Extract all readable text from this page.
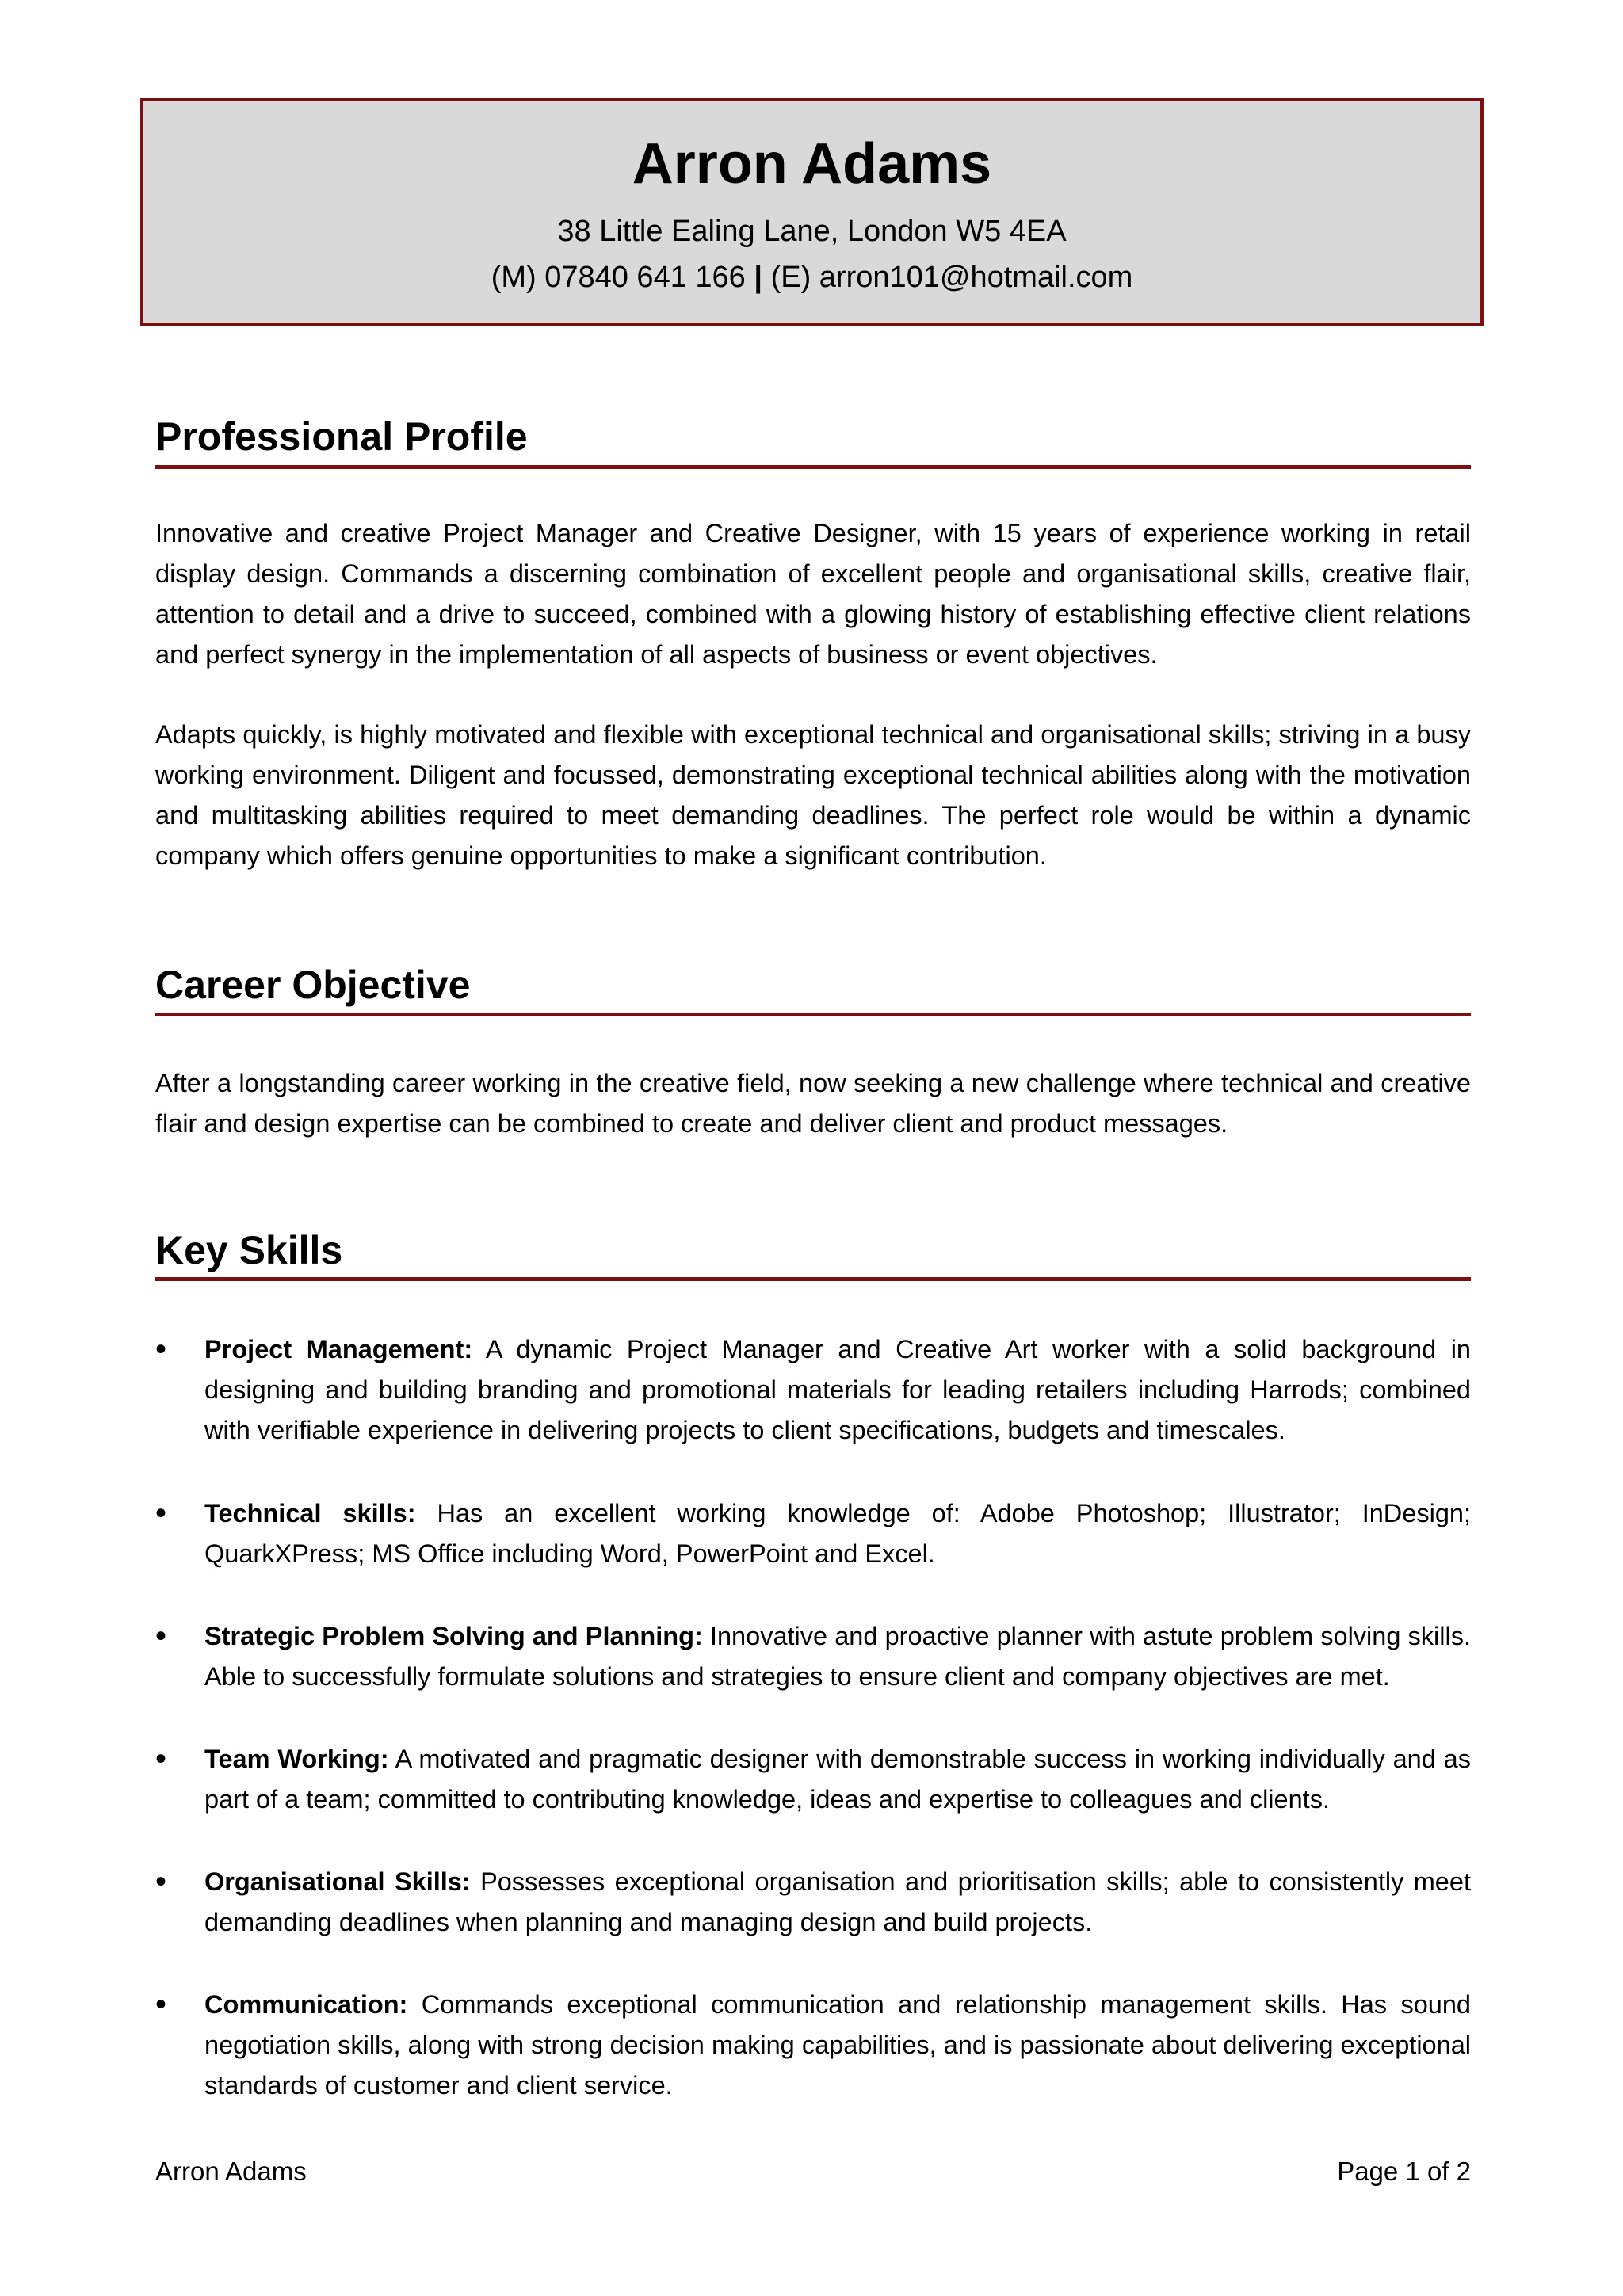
Arron Adams
38 Little Ealing Lane, London W5 4EA
(M) 07840 641 166 | (E) arron101@hotmail.com
Professional Profile

Innovative and creative Project Manager and Creative Designer, with 15 years of experience working in retail display design. Commands a discerning combination of excellent people and organisational skills, creative flair, attention to detail and a drive to succeed, combined with a glowing history of establishing effective client relations and perfect synergy in the implementation of all aspects of business or event objectives.

Adapts quickly, is highly motivated and flexible with exceptional technical and organisational skills; striving in a busy working environment. Diligent and focussed, demonstrating exceptional technical abilities along with the motivation and multitasking abilities required to meet demanding deadlines. The perfect role would be within a dynamic company which offers genuine opportunities to make a significant contribution.

Career Objective

After a longstanding career working in the creative field, now seeking a new challenge where technical and creative flair and design expertise can be combined to create and deliver client and product messages.

Key Skills
• Project Management: A dynamic Project Manager and Creative Art worker with a solid background in designing and building branding and promotional materials for leading retailers including Harrods; combined with verifiable experience in delivering projects to client specifications, budgets and timescales.
• Technical skills: Has an excellent working knowledge of: Adobe Photoshop; Illustrator; InDesign; QuarkXPress; MS Office including Word, PowerPoint and Excel.
• Strategic Problem Solving and Planning: Innovative and proactive planner with astute problem solving skills. Able to successfully formulate solutions and strategies to ensure client and company objectives are met.
• Team Working: A motivated and pragmatic designer with demonstrable success in working individually and as part of a team; committed to contributing knowledge, ideas and expertise to colleagues and clients.
• Organisational Skills: Possesses exceptional organisation and prioritisation skills; able to consistently meet demanding deadlines when planning and managing design and build projects.
• Communication: Commands exceptional communication and relationship management skills. Has sound negotiation skills, along with strong decision making capabilities, and is passionate about delivering exceptional standards of customer and client service.
Arron Adams	Page 1 of 2
